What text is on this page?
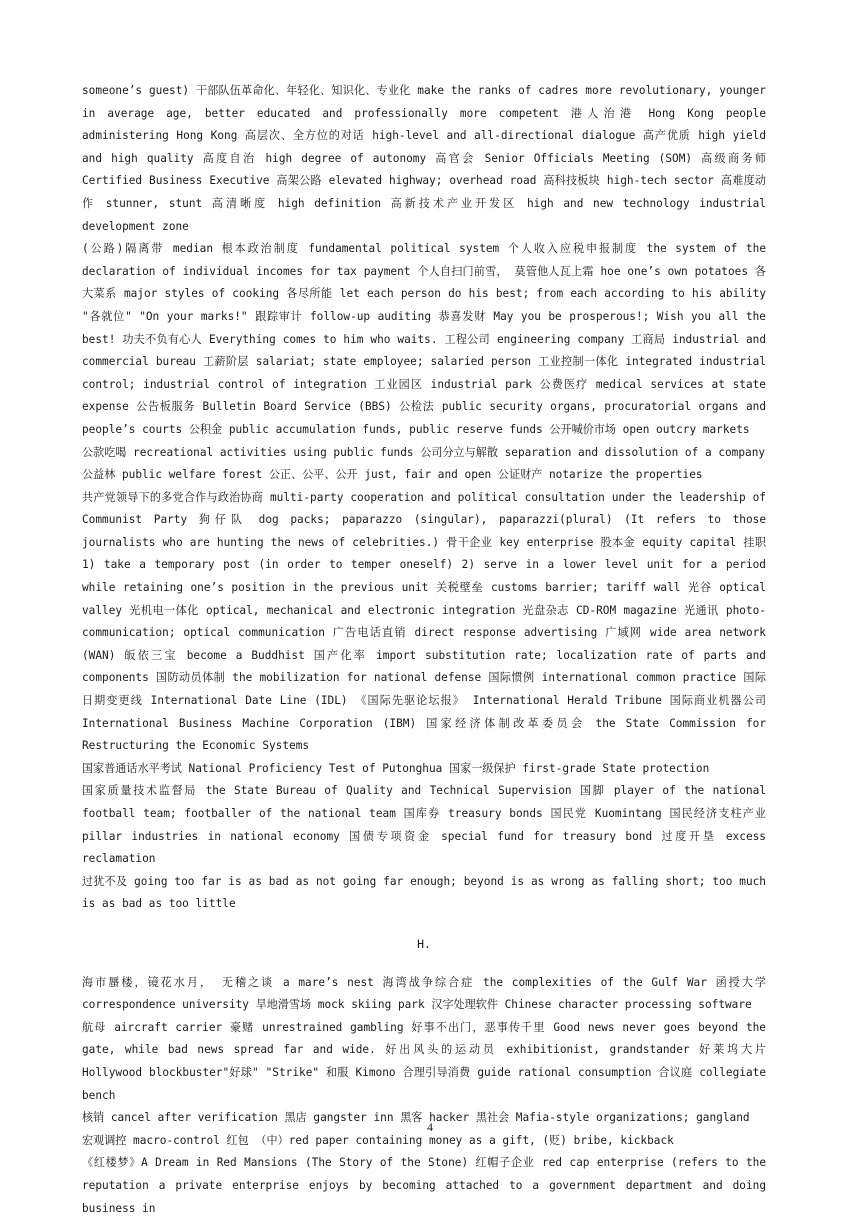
someone’s guest) 干部队伍革命化、年轻化、知识化、专业化 make the ranks of cadres more revolutionary, younger in average age, better educated and professionally more competent 港人治港 Hong Kong people administering Hong Kong 高层次、全方位的对话 high-level and all-directional dialogue 高产优质 high yield and high quality 高度自治 high degree of autonomy 高官会 Senior Officials Meeting (SOM) 高级商务师 Certified Business Executive 高架公路 elevated highway; overhead road 高科技板块 high-tech sector 高难度动作 stunner, stunt 高清晰度 high definition 高新技术产业开发区 high and new technology industrial development zone

(公路)隔离带 median 根本政治制度 fundamental political system 个人收入应税申报制度 the system of the declaration of individual incomes for tax payment 个人自扫门前雪， 莫管他人瓦上霜 hoe one’s own potatoes 各大菜系 major styles of cooking 各尽所能 let each person do his best; from each according to his ability "各就位" "On your marks!" 跟踪审计 follow-up auditing 恭喜发财 May you be prosperous!; Wish you all the best! 功夫不负有心人 Everything comes to him who waits. 工程公司 engineering company 工商局 industrial and commercial bureau 工薪阶层 salariat; state employee; salaried person 工业控制一体化 integrated industrial control; industrial control of integration 工业园区 industrial park 公费医疗 medical services at state expense 公告板服务 Bulletin Board Service (BBS) 公检法 public security organs, procuratorial organs and people’s courts 公积金 public accumulation funds, public reserve funds 公开喊价市场 open outcry markets

公款吃喝 recreational activities using public funds 公司分立与解散 separation and dissolution of a company

公益林 public welfare forest 公正、公平、公开 just, fair and open 公证财产 notarize the properties

共产党领导下的多党合作与政治协商 multi-party cooperation and political consultation under the leadership of Communist Party 狗仔队 dog packs; paparazzo (singular), paparazzi(plural) (It refers to those journalists who are hunting the news of celebrities.) 骨干企业 key enterprise 股本金 equity capital 挂职 1) take a temporary post (in order to temper oneself) 2) serve in a lower level unit for a period while retaining one’s position in the previous unit 关税壁垒 customs barrier; tariff wall 光谷 optical valley 光机电一体化 optical, mechanical and electronic integration 光盘杂志 CD-ROM magazine 光通讯 photo-communication; optical communication 广告电话直销 direct response advertising 广域网 wide area network (WAN) 皈依三宝 become a Buddhist 国产化率 import substitution rate; localization rate of parts and components 国防动员体制 the mobilization for national defense 国际惯例 international common practice 国际日期变更线 International Date Line (IDL) 《国际先驱论坛报》 International Herald Tribune 国际商业机器公司 International Business Machine Corporation (IBM) 国家经济体制改革委员会 the State Commission for Restructuring the Economic Systems

国家普通话水平考试 National Proficiency Test of Putonghua 国家一级保护 first-grade State protection

国家质量技术监督局 the State Bureau of Quality and Technical Supervision 国脚 player of the national football team; footballer of the national team 国库券 treasury bonds 国民党 Kuomintang 国民经济支柱产业 pillar industries in national economy 国债专项资金 special fund for treasury bond 过度开垦 excess reclamation

过犹不及 going too far is as bad as not going far enough; beyond is as wrong as falling short; too much is as bad as too little

H.

海市蜃楼，镜花水月， 无稽之谈 a mare’s nest 海湾战争综合症 the complexities of the Gulf War 函授大学 correspondence university 旱地滑雪场 mock skiing park 汉字处理软件 Chinese character processing software

航母 aircraft carrier 豪赌 unrestrained gambling 好事不出门，恶事传千里 Good news never goes beyond the gate, while bad news spread far and wide. 好出风头的运动员 exhibitionist, grandstander 好莱坞大片 Hollywood blockbuster"好球" "Strike" 和服 Kimono 合理引导消费 guide rational consumption 合议庭 collegiate bench

核销 cancel after verification 黑店 gangster inn 黑客 hacker 黑社会 Mafia-style organizations; gangland

宏观调控 macro-control 红包 （中）red paper containing money as a gift, (贬) bribe, kickback

《红楼梦》A Dream in Red Mansions (The Story of the Stone) 红帽子企业 red cap enterprise (refers to the reputation a private enterprise enjoys by becoming attached to a government department and doing business in

4
